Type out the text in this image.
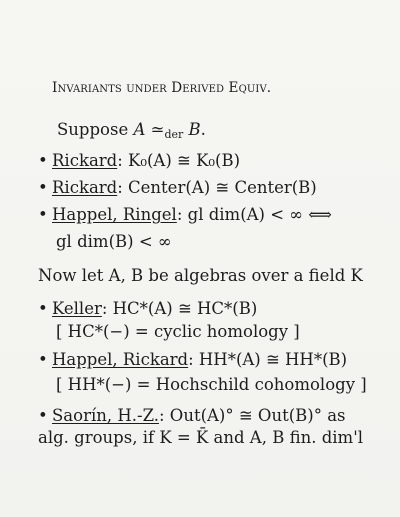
Invariants under Derived Equiv.
Suppose A $≃_{der}$ B.
• Rickard: K₀(A) ≅ K₀(B)
• Rickard: Center(A) ≅ Center(B)
• Happel, Ringel: gl dim(A) < ∞ ⟺
gl dim(B) < ∞
Now let A, B be algebras over a field K
• Keller: HC*(A) ≅ HC*(B)
[ HC*(−) = cyclic homology ]
• Happel, Rickard: HH*(A) ≅ HH*(B)
[ HH*(−) = Hochschild cohomology ]
• Saorín, H.-Z.: Out(A)° ≅ Out(B)° as
alg. groups, if K = K̄ and A, B fin. dim'l
